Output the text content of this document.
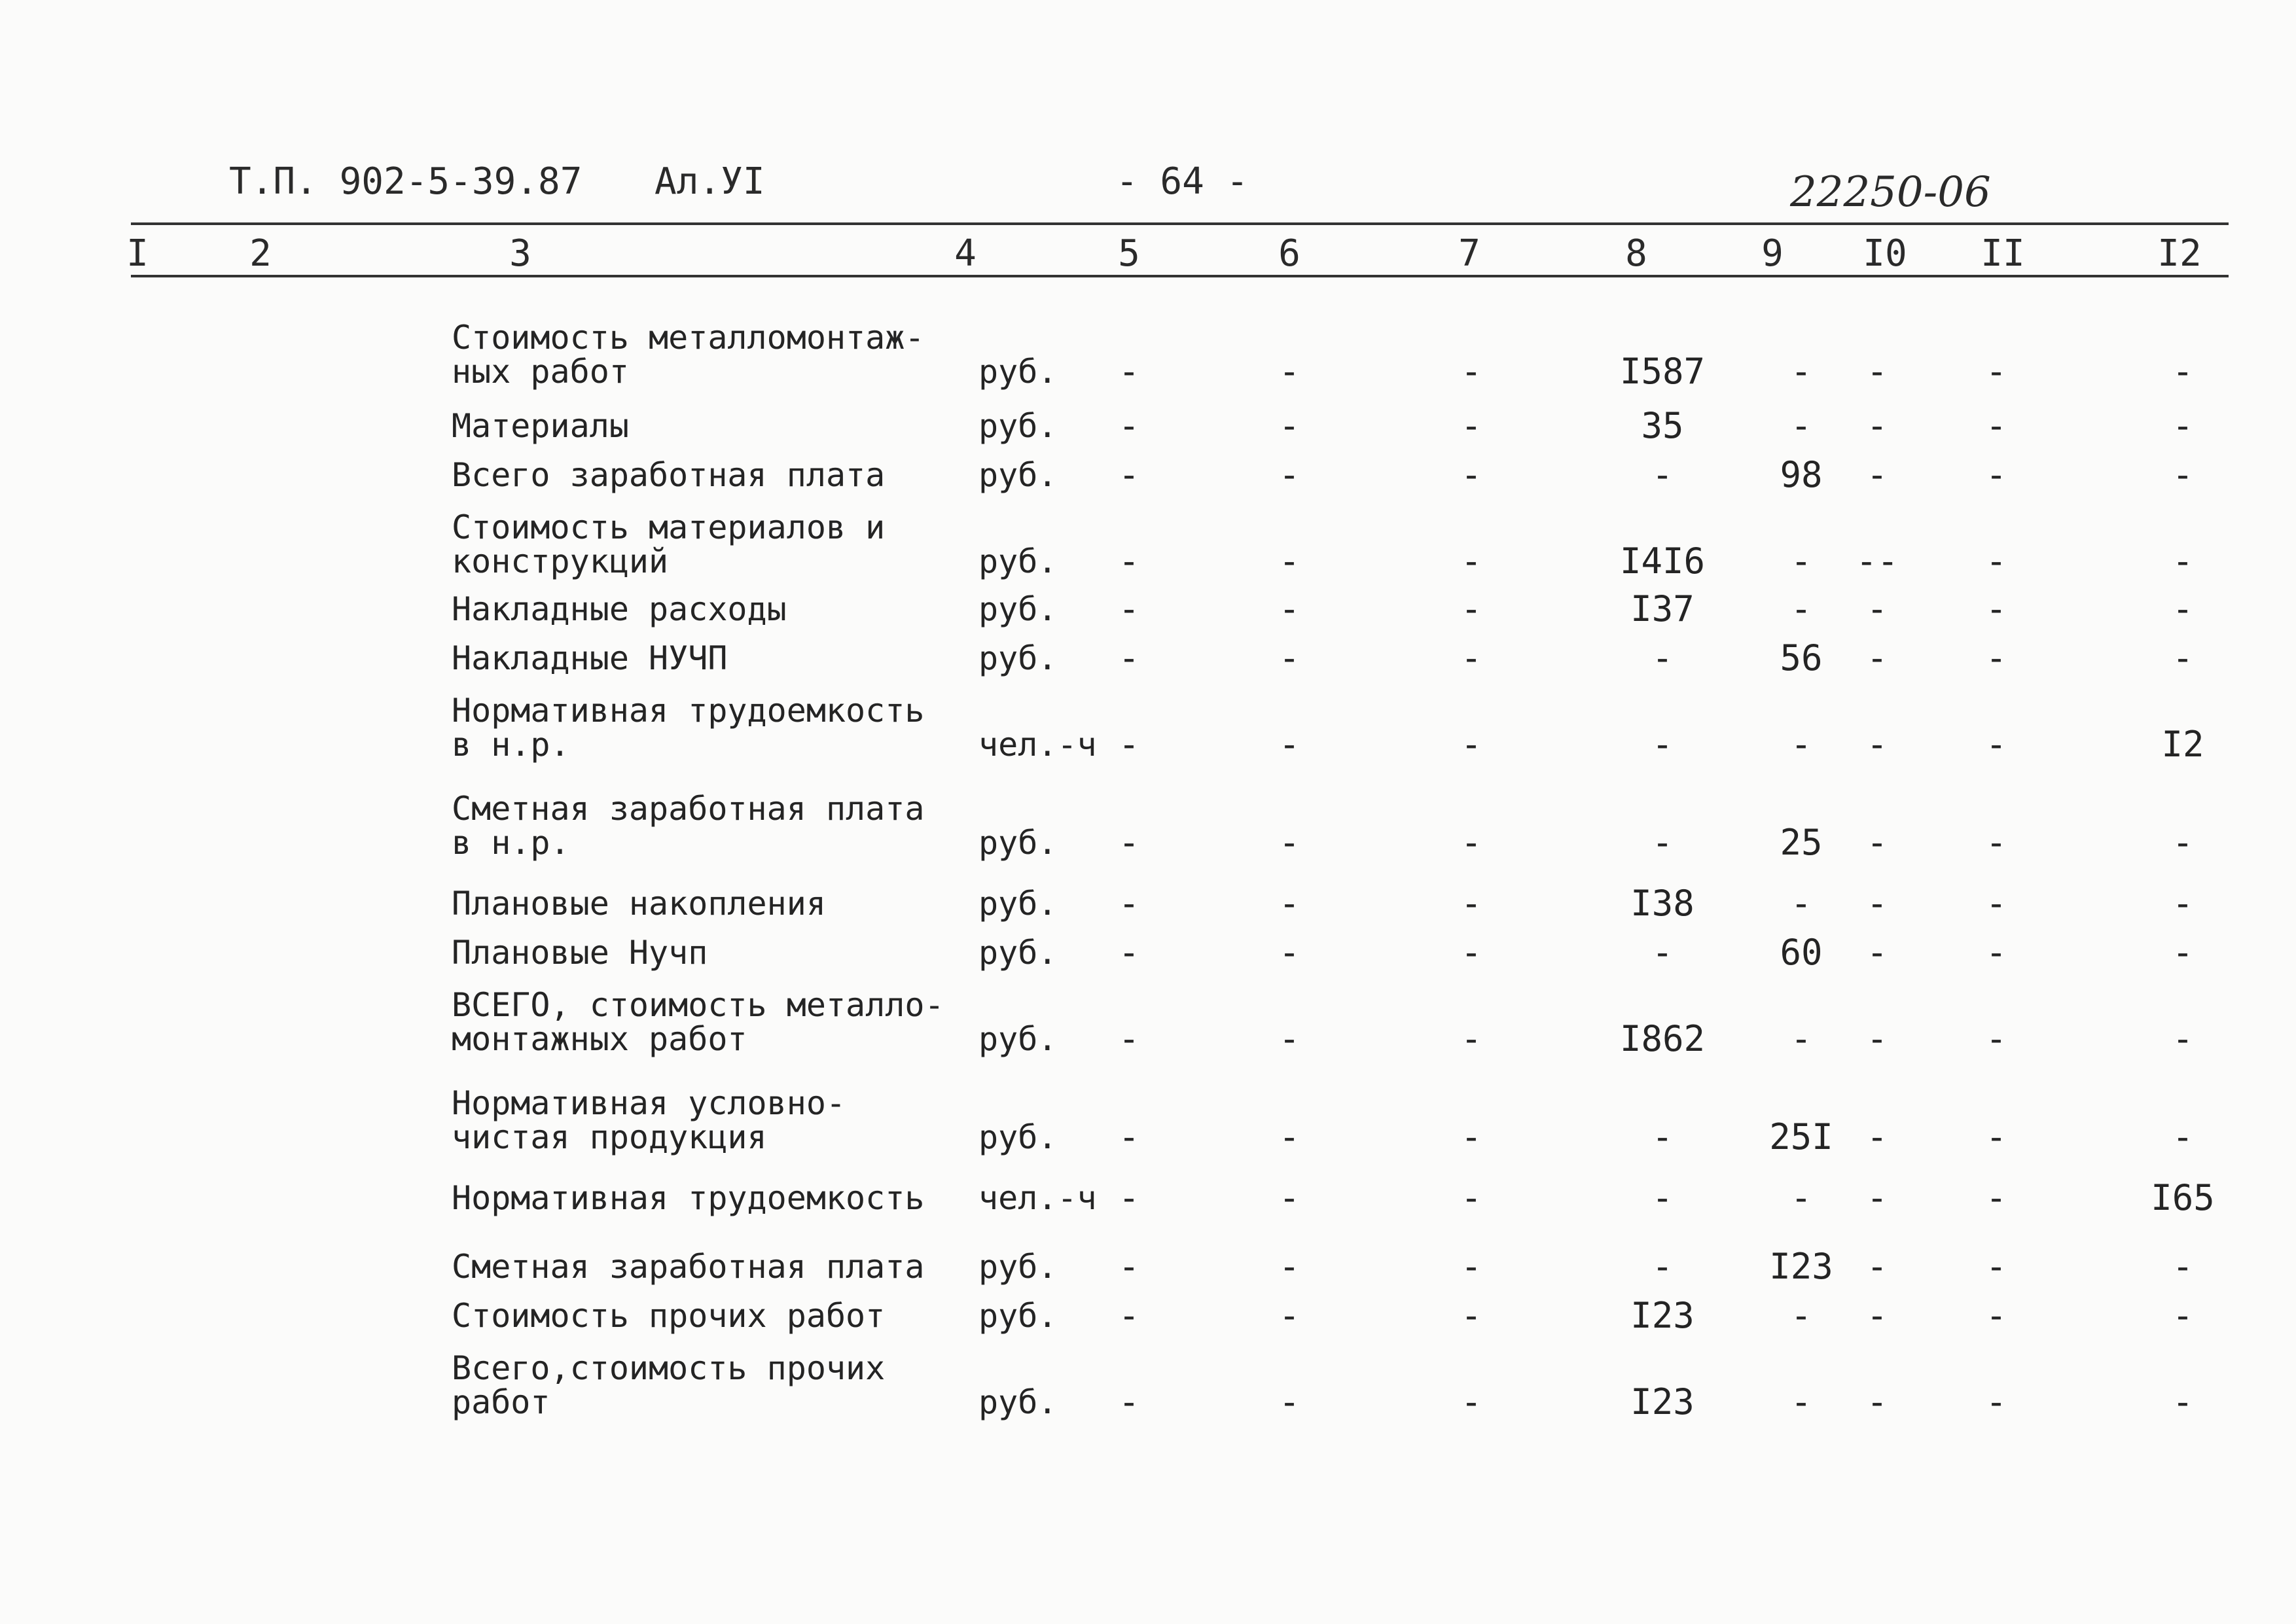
Т.П. 902-5-39.87 Ал.УI	- 64 -	22250-06
I	2	3	4	5	6	7	8	9 I0 II	I2
Стоимость металломонтаж-
ных работ	руб. -	-	-	I587 - -	-	-
Материалы	руб. -	-	-	35	- -	-	-
Всего заработная плата	руб. -	-	-	-	98 -	-	-
Стоимость материалов и
конструкций	руб. -	-	-	I4I6 - -- -	-
Накладные расходы	руб. -	-	-	I37	- -	-	-
Накладные НУЧП	руб. -	-	-	-	56 -	-	-
Нормативная трудоемкость
в н.р.	чел.-ч -	-	-	-	- -	-	I2
Сметная заработная плата
в н.р.	руб. -	-	-	-	25 -	-	-
Плановые накопления	руб. -	-	-	I38	- -	-	-
Плановые Нучп	руб. -	-	-	-	60 -	-	-
ВСЕГО, стоимость металло-
монтажных работ	руб. -	-	-	I862 - -	-	-
Нормативная условно-
чистая продукция	руб. -	-	-	-	25I -	-	-
Нормативная трудоемкость	чел.-ч -	-	-	-	- -	-	I65
Сметная заработная плата	руб. -	-	-	-	I23 -	-	-
Стоимость прочих работ	руб. -	-	-	I23	- -	-	-
Всего,стоимость прочих
работ	руб. -	-	-	I23	- -	-	-
